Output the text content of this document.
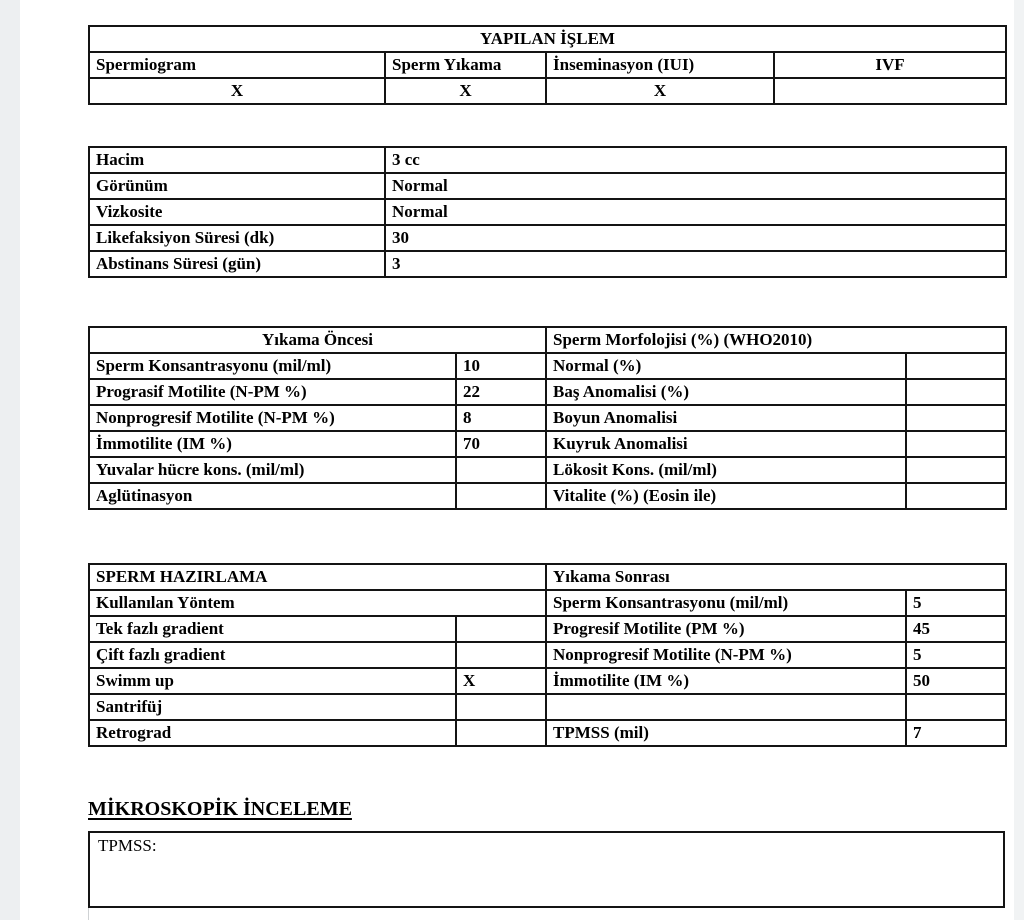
YAPILAN İŞLEM			
Spermiogram	Sperm Yıkama	İnseminasyon (IUI)	IVF
X	X	X	
Hacim	3 cc
Görünüm	Normal
Vizkosite	Normal
Likefaksiyon Süresi (dk)	30
Abstinans Süresi (gün)	3
Yıkama Öncesi		Sperm Morfolojisi (%) (WHO2010)	
Sperm Konsantrasyonu (mil/ml)	10	Normal (%)	
Prograsif Motilite (N-PM %)	22	Baş Anomalisi (%)	
Nonprogresif Motilite (N-PM %)	8	Boyun Anomalisi	
İmmotilite (IM %)	70	Kuyruk Anomalisi	
Yuvalar hücre kons. (mil/ml)		Lökosit Kons. (mil/ml)	
Aglütinasyon		Vitalite (%) (Eosin ile)	
SPERM HAZIRLAMA		Yıkama Sonrası	
Kullanılan Yöntem		Sperm Konsantrasyonu (mil/ml)	5
Tek fazlı gradient		Progresif Motilite (PM %)	45
Çift fazlı gradient		Nonprogresif Motilite (N-PM %)	5
Swimm up	X	İmmotilite (IM %)	50
Santrifüj			
Retrograd		TPMSS (mil)	7
MİKROSKOPİK İNCELEME
TPMSS:
